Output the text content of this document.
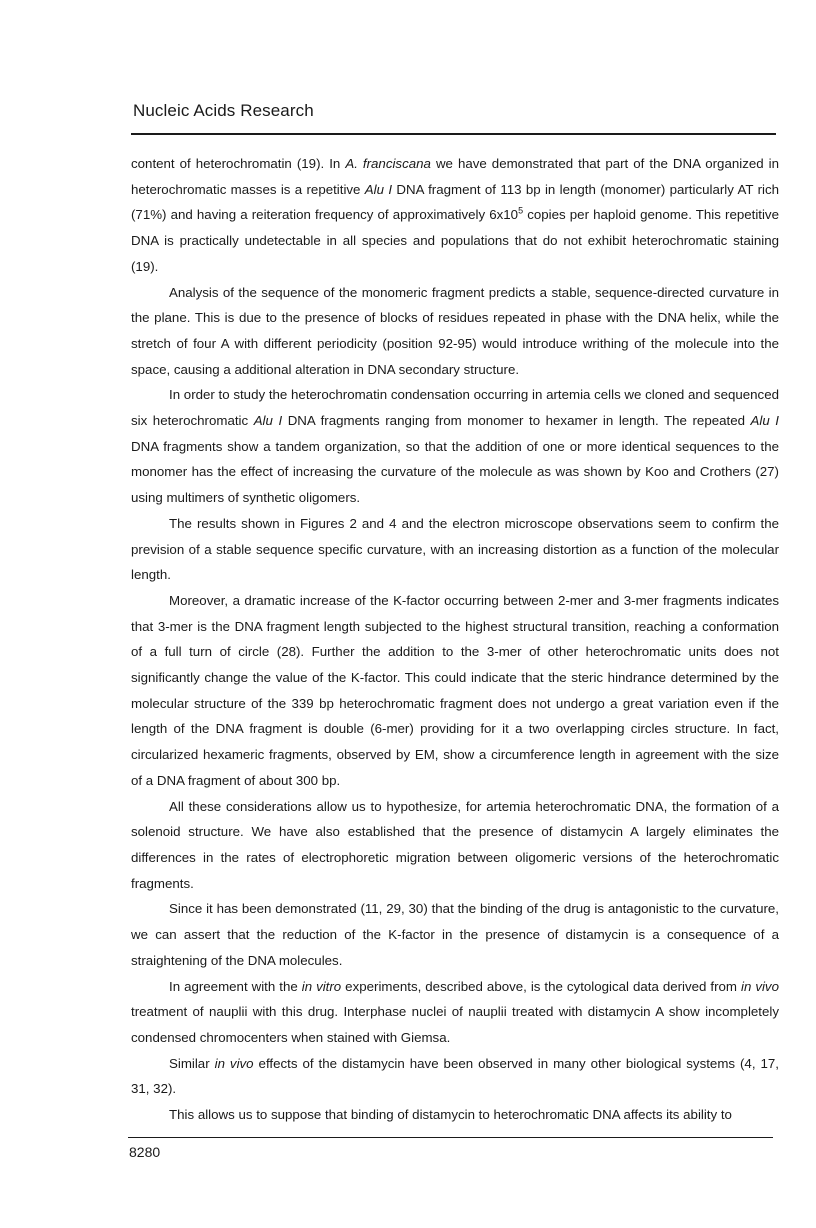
Nucleic Acids Research

content of heterochromatin (19). In A. franciscana we have demonstrated that part of the DNA organized in heterochromatic masses is a repetitive Alu I DNA fragment of 113 bp in length (monomer) particularly AT rich (71%) and having a reiteration frequency of approximatively $6x10^5$ copies per haploid genome. This repetitive DNA is practically undetectable in all species and populations that do not exhibit heterochromatic staining (19).

Analysis of the sequence of the monomeric fragment predicts a stable, sequence-directed curvature in the plane. This is due to the presence of blocks of residues repeated in phase with the DNA helix, while the stretch of four A with different periodicity (position 92-95) would introduce writhing of the molecule into the space, causing a additional alteration in DNA secondary structure.

In order to study the heterochromatin condensation occurring in artemia cells we cloned and sequenced six heterochromatic Alu I DNA fragments ranging from monomer to hexamer in length. The repeated Alu I DNA fragments show a tandem organization, so that the addition of one or more identical sequences to the monomer has the effect of increasing the curvature of the molecule as was shown by Koo and Crothers (27) using multimers of synthetic oligomers.

The results shown in Figures 2 and 4 and the electron microscope observations seem to confirm the prevision of a stable sequence specific curvature, with an increasing distortion as a function of the molecular length.

Moreover, a dramatic increase of the K-factor occurring between 2-mer and 3-mer fragments indicates that 3-mer is the DNA fragment length subjected to the highest structural transition, reaching a conformation of a full turn of circle (28). Further the addition to the 3-mer of other heterochromatic units does not significantly change the value of the K-factor. This could indicate that the steric hindrance determined by the molecular structure of the 339 bp heterochromatic fragment does not undergo a great variation even if the length of the DNA fragment is double (6-mer) providing for it a two overlapping circles structure. In fact, circularized hexameric fragments, observed by EM, show a circumference length in agreement with the size of a DNA fragment of about 300 bp.

All these considerations allow us to hypothesize, for artemia heterochromatic DNA, the formation of a solenoid structure. We have also established that the presence of distamycin A largely eliminates the differences in the rates of electrophoretic migration between oligomeric versions of the heterochromatic fragments.

Since it has been demonstrated (11, 29, 30) that the binding of the drug is antagonistic to the curvature, we can assert that the reduction of the K-factor in the presence of distamycin is a consequence of a straightening of the DNA molecules.

In agreement with the in vitro experiments, described above, is the cytological data derived from in vivo treatment of nauplii with this drug. Interphase nuclei of nauplii treated with distamycin A show incompletely condensed chromocenters when stained with Giemsa.

Similar in vivo effects of the distamycin have been observed in many other biological systems (4, 17, 31, 32).

This allows us to suppose that binding of distamycin to heterochromatic DNA affects its ability to

8280
